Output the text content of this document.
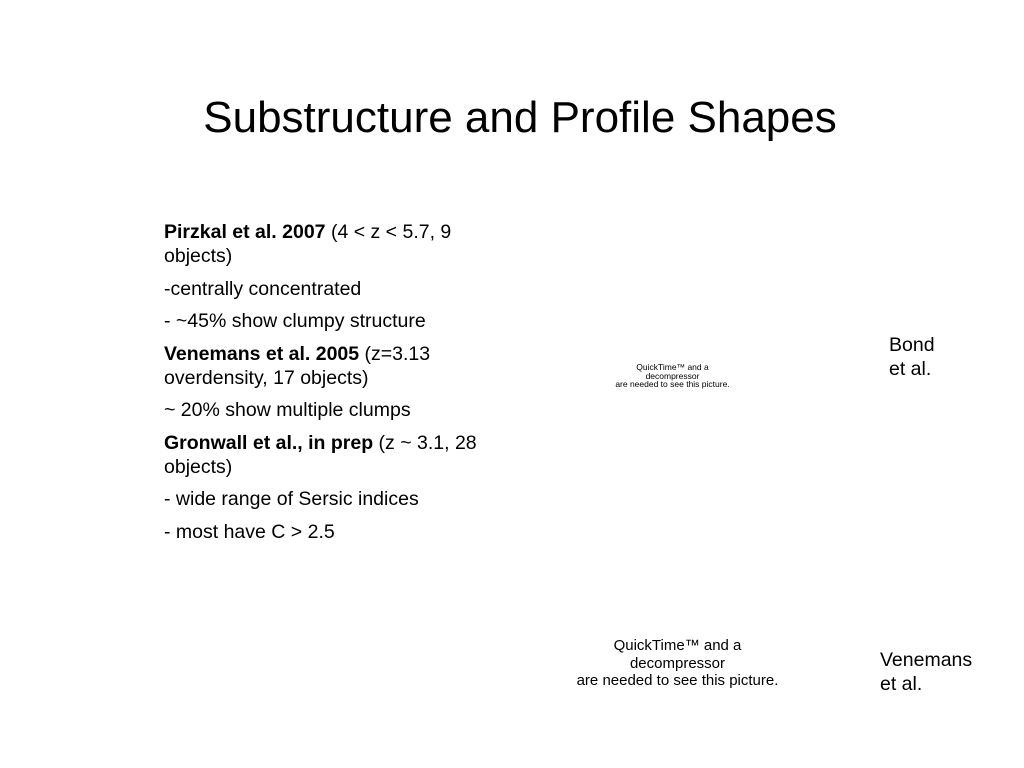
Substructure and Profile Shapes

Pirzkal et al. 2007 (4 < z < 5.7, 9 objects)

-centrally concentrated

- ~45% show clumpy structure

Venemans et al. 2005 (z=3.13 overdensity, 17 objects)

~ 20% show multiple clumps

Gronwall et al., in prep (z ~ 3.1, 28 objects)

- wide range of Sersic indices

- most have C > 2.5

QuickTime™ and a
decompressor
are needed to see this picture.
Bond
et al.
QuickTime™ and a
decompressor
are needed to see this picture.
Venemans
et al.
